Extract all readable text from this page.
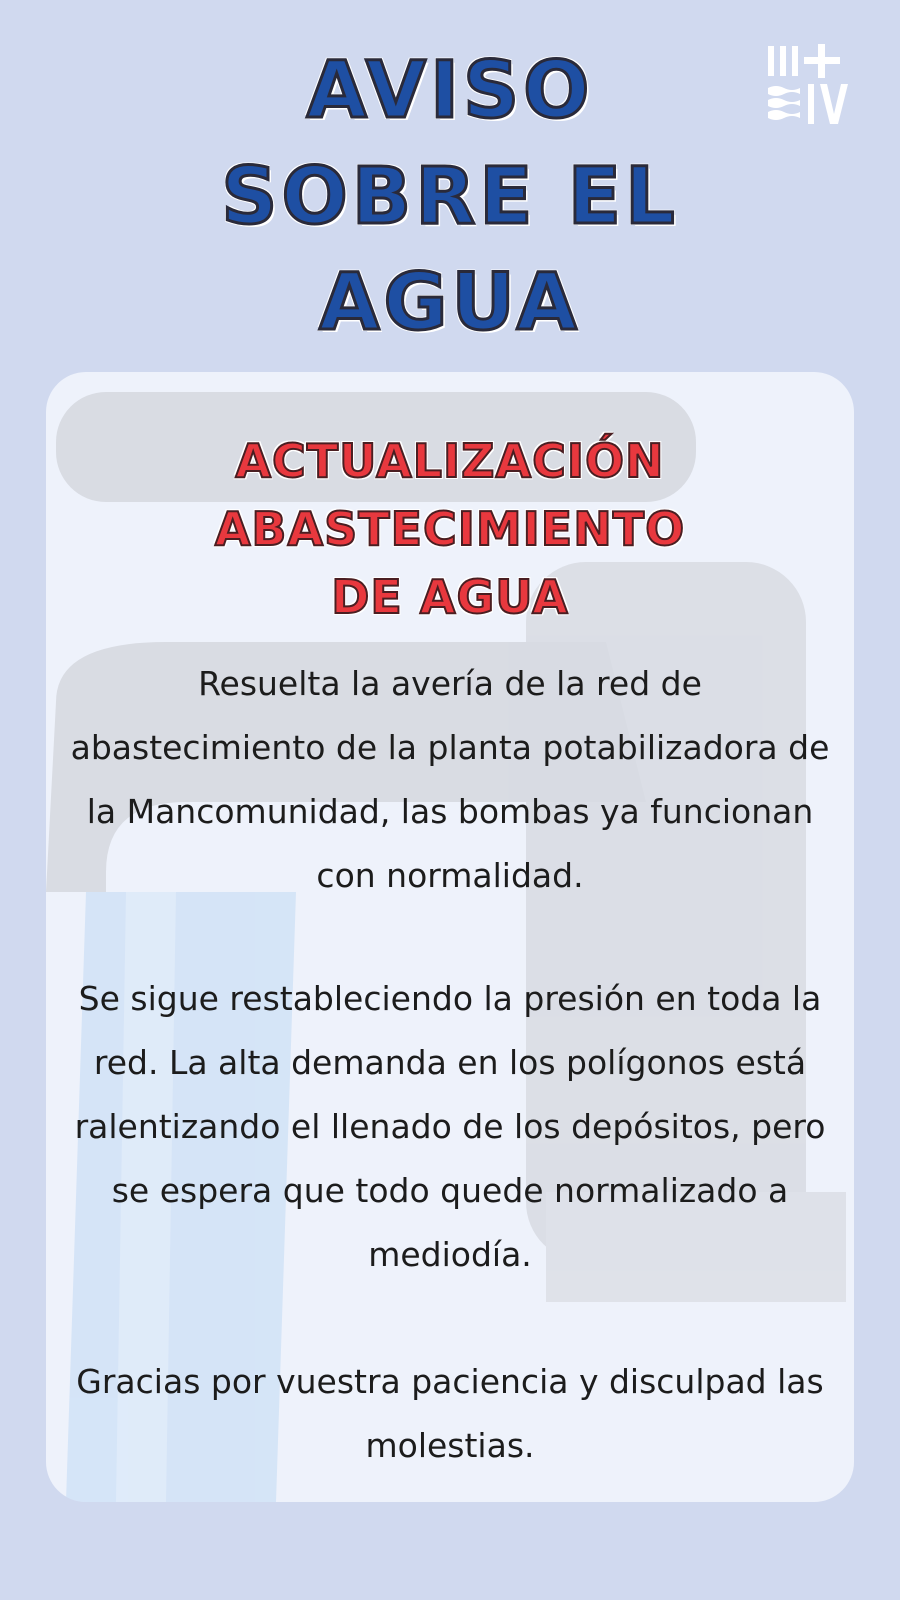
AVISO
SOBRE EL
AGUA
ACTUALIZACIÓN
ABASTECIMIENTO
DE AGUA

Resuelta la avería de la red de abastecimiento de la planta potabilizadora de la Mancomunidad, las bombas ya funcionan con normalidad.

Se sigue restableciendo la presión en toda la red. La alta demanda en los polígonos está ralentizando el llenado de los depósitos, pero se espera que todo quede normalizado a mediodía.

Gracias por vuestra paciencia y disculpad las molestias.
